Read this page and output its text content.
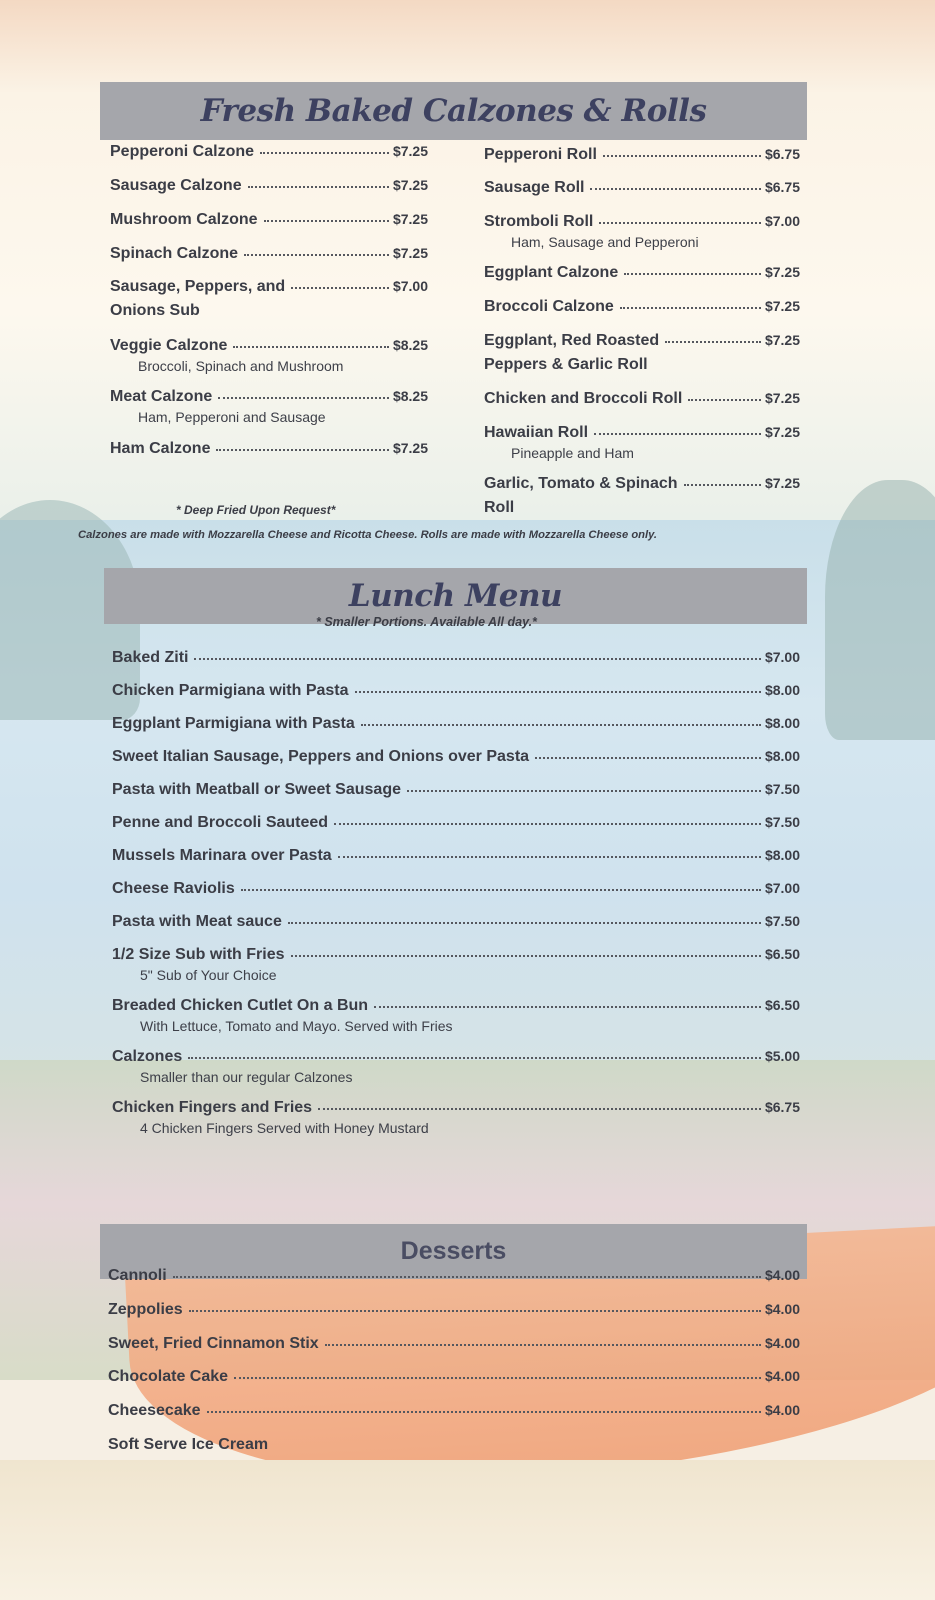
Fresh Baked Calzones & Rolls
Pepperoni Calzone	$7.25
Sausage Calzone	$7.25
Mushroom Calzone	$7.25
Spinach Calzone	$7.25
Sausage, Peppers, and	$7.00
Onions Sub
Veggie Calzone	$8.25
Broccoli, Spinach and Mushroom
Meat Calzone	$8.25
Ham, Pepperoni and Sausage
Ham Calzone	$7.25
Pepperoni Roll	$6.75
Sausage Roll	$6.75
Stromboli Roll	$7.00
Ham, Sausage and Pepperoni
Eggplant Calzone	$7.25
Broccoli Calzone	$7.25
Eggplant, Red Roasted	$7.25
Peppers & Garlic Roll
Chicken and Broccoli Roll	$7.25
Hawaiian Roll	$7.25
Pineapple and Ham
Garlic, Tomato & Spinach	$7.25
Roll
* Deep Fried Upon Request*
Calzones are made with Mozzarella Cheese and Ricotta Cheese. Rolls are made with Mozzarella Cheese only.
Lunch Menu
* Smaller Portions. Available All day.*
Baked Ziti	$7.00
Chicken Parmigiana with Pasta	$8.00
Eggplant Parmigiana with Pasta	$8.00
Sweet Italian Sausage, Peppers and Onions over Pasta	$8.00
Pasta with Meatball or Sweet Sausage	$7.50
Penne and Broccoli Sauteed	$7.50
Mussels Marinara over Pasta	$8.00
Cheese Raviolis	$7.00
Pasta with Meat sauce	$7.50
1/2 Size Sub with Fries	$6.50
5" Sub of Your Choice
Breaded Chicken Cutlet On a Bun	$6.50
With Lettuce, Tomato and Mayo. Served with Fries
Calzones	$5.00
Smaller than our regular Calzones
Chicken Fingers and Fries	$6.75
4 Chicken Fingers Served with Honey Mustard
Desserts
Cannoli	$4.00
Zeppolies	$4.00
Sweet, Fried Cinnamon Stix	$4.00
Chocolate Cake	$4.00
Cheesecake	$4.00
Soft Serve Ice Cream
